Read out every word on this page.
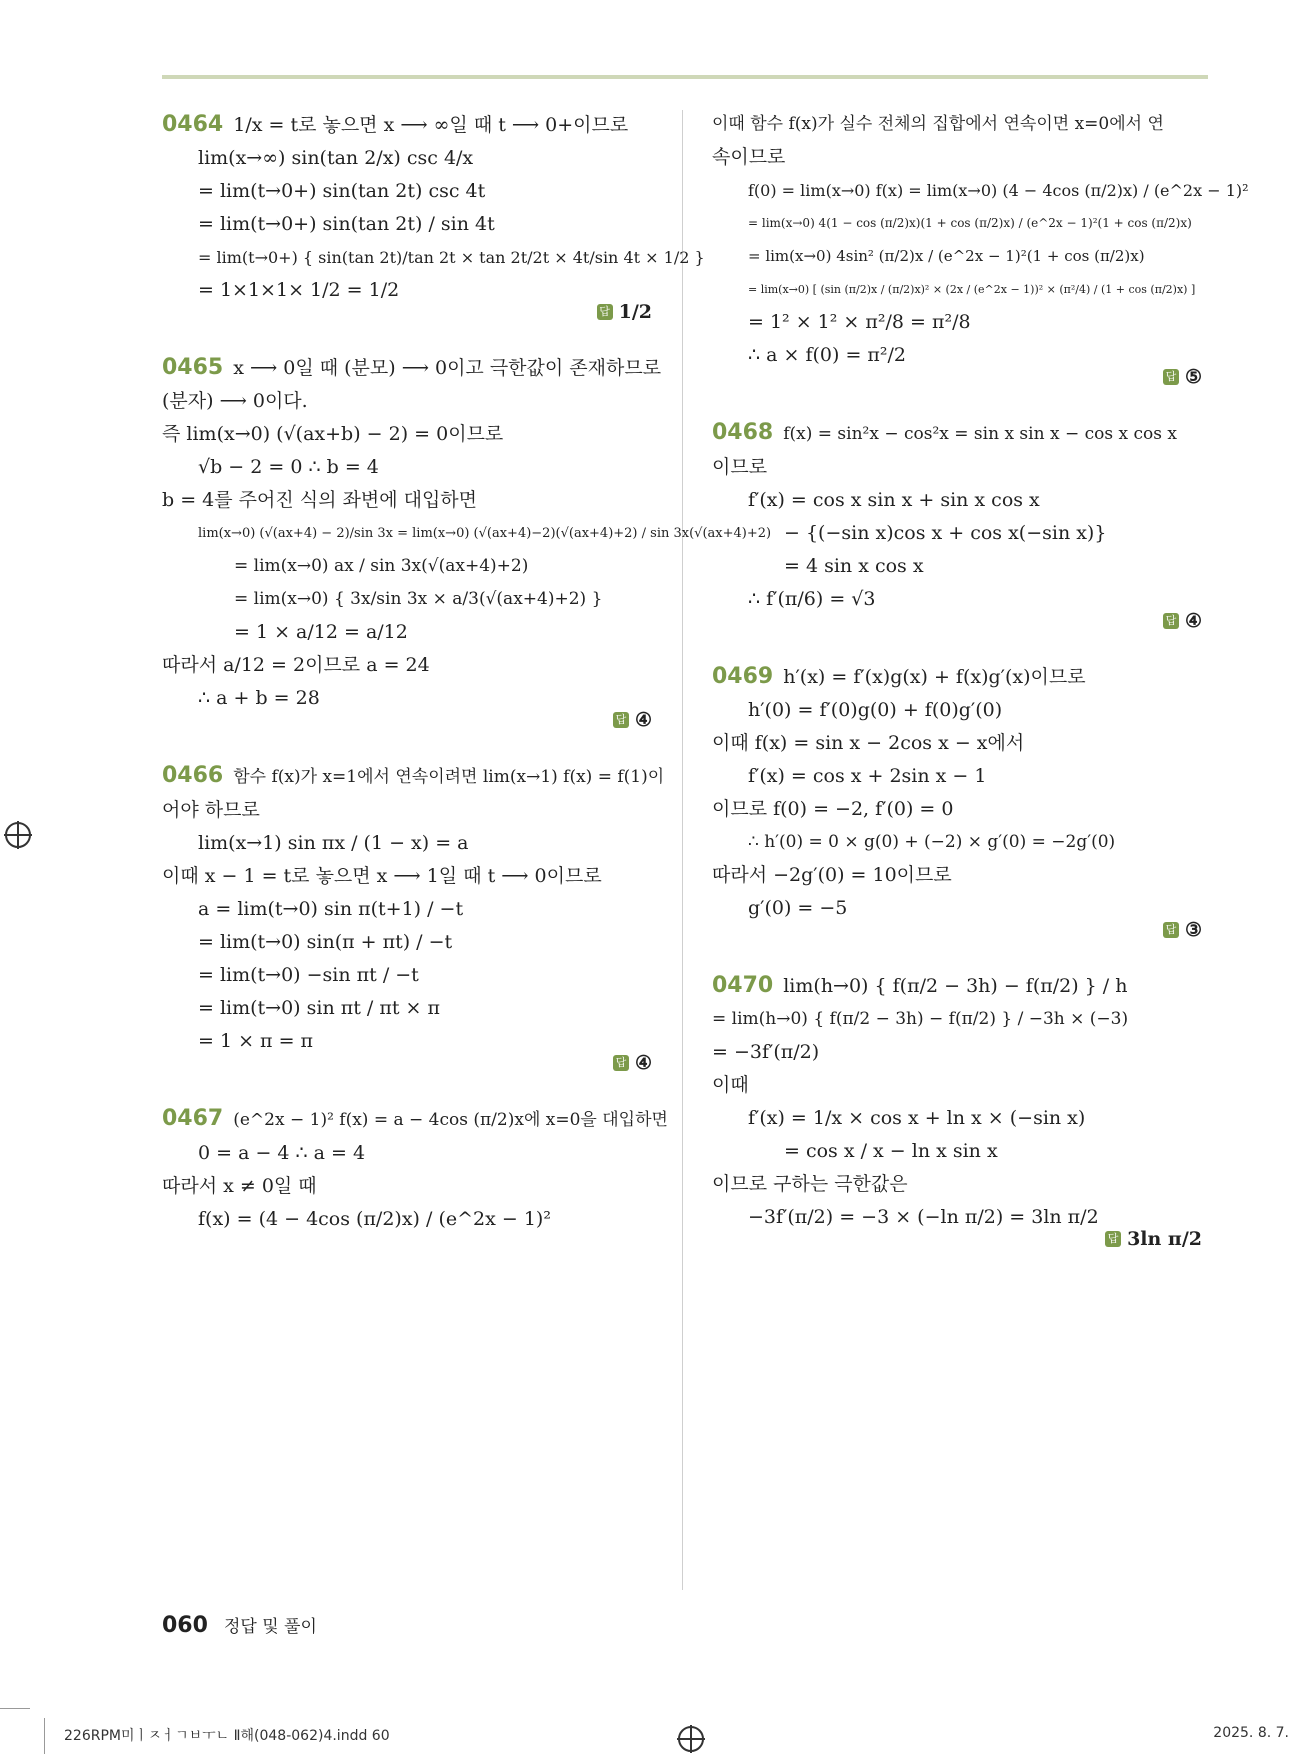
0464 1/x = t로 놓으면 x ⟶ ∞일 때 t ⟶ 0+이므로
lim(x→∞) sin(tan 2/x) csc 4/x
= lim(t→0+) sin(tan 2t) csc 4t
= lim(t→0+) sin(tan 2t) / sin 4t
= lim(t→0+) { sin(tan 2t)/tan 2t × tan 2t/2t × 4t/sin 4t × 1/2 }
= 1×1×1× 1/2 = 1/2
답 1/2
0465 x ⟶ 0일 때 (분모) ⟶ 0이고 극한값이 존재하므로
(분자) ⟶ 0이다.
즉 lim(x→0) (√(ax+b) − 2) = 0이므로
√b − 2 = 0 ∴ b = 4
b = 4를 주어진 식의 좌변에 대입하면
lim(x→0) (√(ax+4) − 2)/sin 3x = lim(x→0) (√(ax+4)−2)(√(ax+4)+2) / sin 3x(√(ax+4)+2)
= lim(x→0) ax / sin 3x(√(ax+4)+2)
= lim(x→0) { 3x/sin 3x × a/3(√(ax+4)+2) }
= 1 × a/12 = a/12
따라서 a/12 = 2이므로 a = 24
∴ a + b = 28
답 ④
0466 함수 f(x)가 x=1에서 연속이려면 lim(x→1) f(x) = f(1)이
어야 하므로
lim(x→1) sin πx / (1 − x) = a
이때 x − 1 = t로 놓으면 x ⟶ 1일 때 t ⟶ 0이므로
a = lim(t→0) sin π(t+1) / −t
= lim(t→0) sin(π + πt) / −t
= lim(t→0) −sin πt / −t
= lim(t→0) sin πt / πt × π
= 1 × π = π
답 ④
0467 (e^2x − 1)² f(x) = a − 4cos (π/2)x에 x=0을 대입하면
0 = a − 4 ∴ a = 4
따라서 x ≠ 0일 때
f(x) = (4 − 4cos (π/2)x) / (e^2x − 1)²
이때 함수 f(x)가 실수 전체의 집합에서 연속이면 x=0에서 연
속이므로
f(0) = lim(x→0) f(x) = lim(x→0) (4 − 4cos (π/2)x) / (e^2x − 1)²
= lim(x→0) 4(1 − cos (π/2)x)(1 + cos (π/2)x) / (e^2x − 1)²(1 + cos (π/2)x)
= lim(x→0) 4sin² (π/2)x / (e^2x − 1)²(1 + cos (π/2)x)
= lim(x→0) [ (sin (π/2)x / (π/2)x)² × (2x / (e^2x − 1))² × (π²/4) / (1 + cos (π/2)x) ]
= 1² × 1² × π²/8 = π²/8
∴ a × f(0) = π²/2
답 ⑤
0468 f(x) = sin²x − cos²x = sin x sin x − cos x cos x
이므로
f′(x) = cos x sin x + sin x cos x
− {(−sin x)cos x + cos x(−sin x)}
= 4 sin x cos x
∴ f′(π/6) = √3
답 ④
0469 h′(x) = f′(x)g(x) + f(x)g′(x)이므로
h′(0) = f′(0)g(0) + f(0)g′(0)
이때 f(x) = sin x − 2cos x − x에서
f′(x) = cos x + 2sin x − 1
이므로 f(0) = −2, f′(0) = 0
∴ h′(0) = 0 × g(0) + (−2) × g′(0) = −2g′(0)
따라서 −2g′(0) = 10이므로
g′(0) = −5
답 ③
0470 lim(h→0) { f(π/2 − 3h) − f(π/2) } / h
= lim(h→0) { f(π/2 − 3h) − f(π/2) } / −3h × (−3)
= −3f′(π/2)
이때
f′(x) = 1/x × cos x + ln x × (−sin x)
= cos x / x − ln x sin x
이므로 구하는 극한값은
−3f′(π/2) = −3 × (−ln π/2) = 3ln π/2
답 3ln π/2
060 정답 및 풀이
226RPM미ㅣㅈㅓㄱㅂㅜㄴ Ⅱ해(048-062)4.indd 60	2025. 8. 7.
